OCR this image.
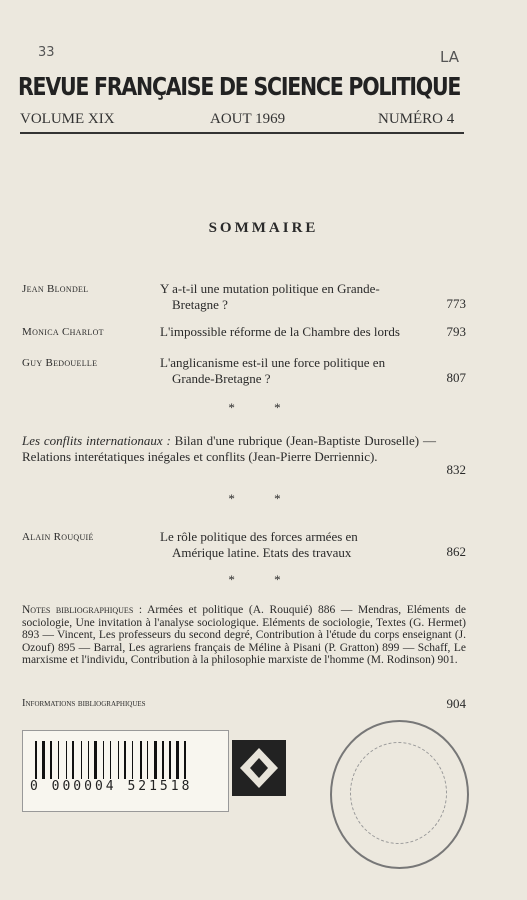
33	LA
REVUE FRANÇAISE DE SCIENCE POLITIQUE
VOLUME XIX	AOUT 1969	NUMÉRO 4
SOMMAIRE
Jean Blondel	Y a-t-il une mutation politique en Grande-
Bretagne ?	773
Monica Charlot	L'impossible réforme de la Chambre des lords	793
Guy Bedouelle	L'anglicanisme est-il une force politique en
Grande-Bretagne ?	807
* *
Les conflits internationaux : Bilan d'une rubrique (Jean-Baptiste Duroselle) — Relations interétatiques inégales et conflits (Jean-Pierre Derriennic).
832
* *
Alain Rouquié	Le rôle politique des forces armées en
Amérique latine. Etats des travaux	862
* *
Notes bibliographiques : Armées et politique (A. Rouquié) 886 — Mendras, Eléments de sociologie, Une invitation à l'analyse sociologique. Eléments de sociologie, Textes (G. Hermet) 893 — Vincent, Les professeurs du second degré, Contribution à l'étude du corps enseignant (J. Ozouf) 895 — Barral, Les agrariens français de Méline à Pisani (P. Gratton) 899 — Schaff, Le marxisme et l'individu, Contribution à la philosophie marxiste de l'homme (M. Rodinson) 901.
Informations bibliographiques	904
0 000004 521518
